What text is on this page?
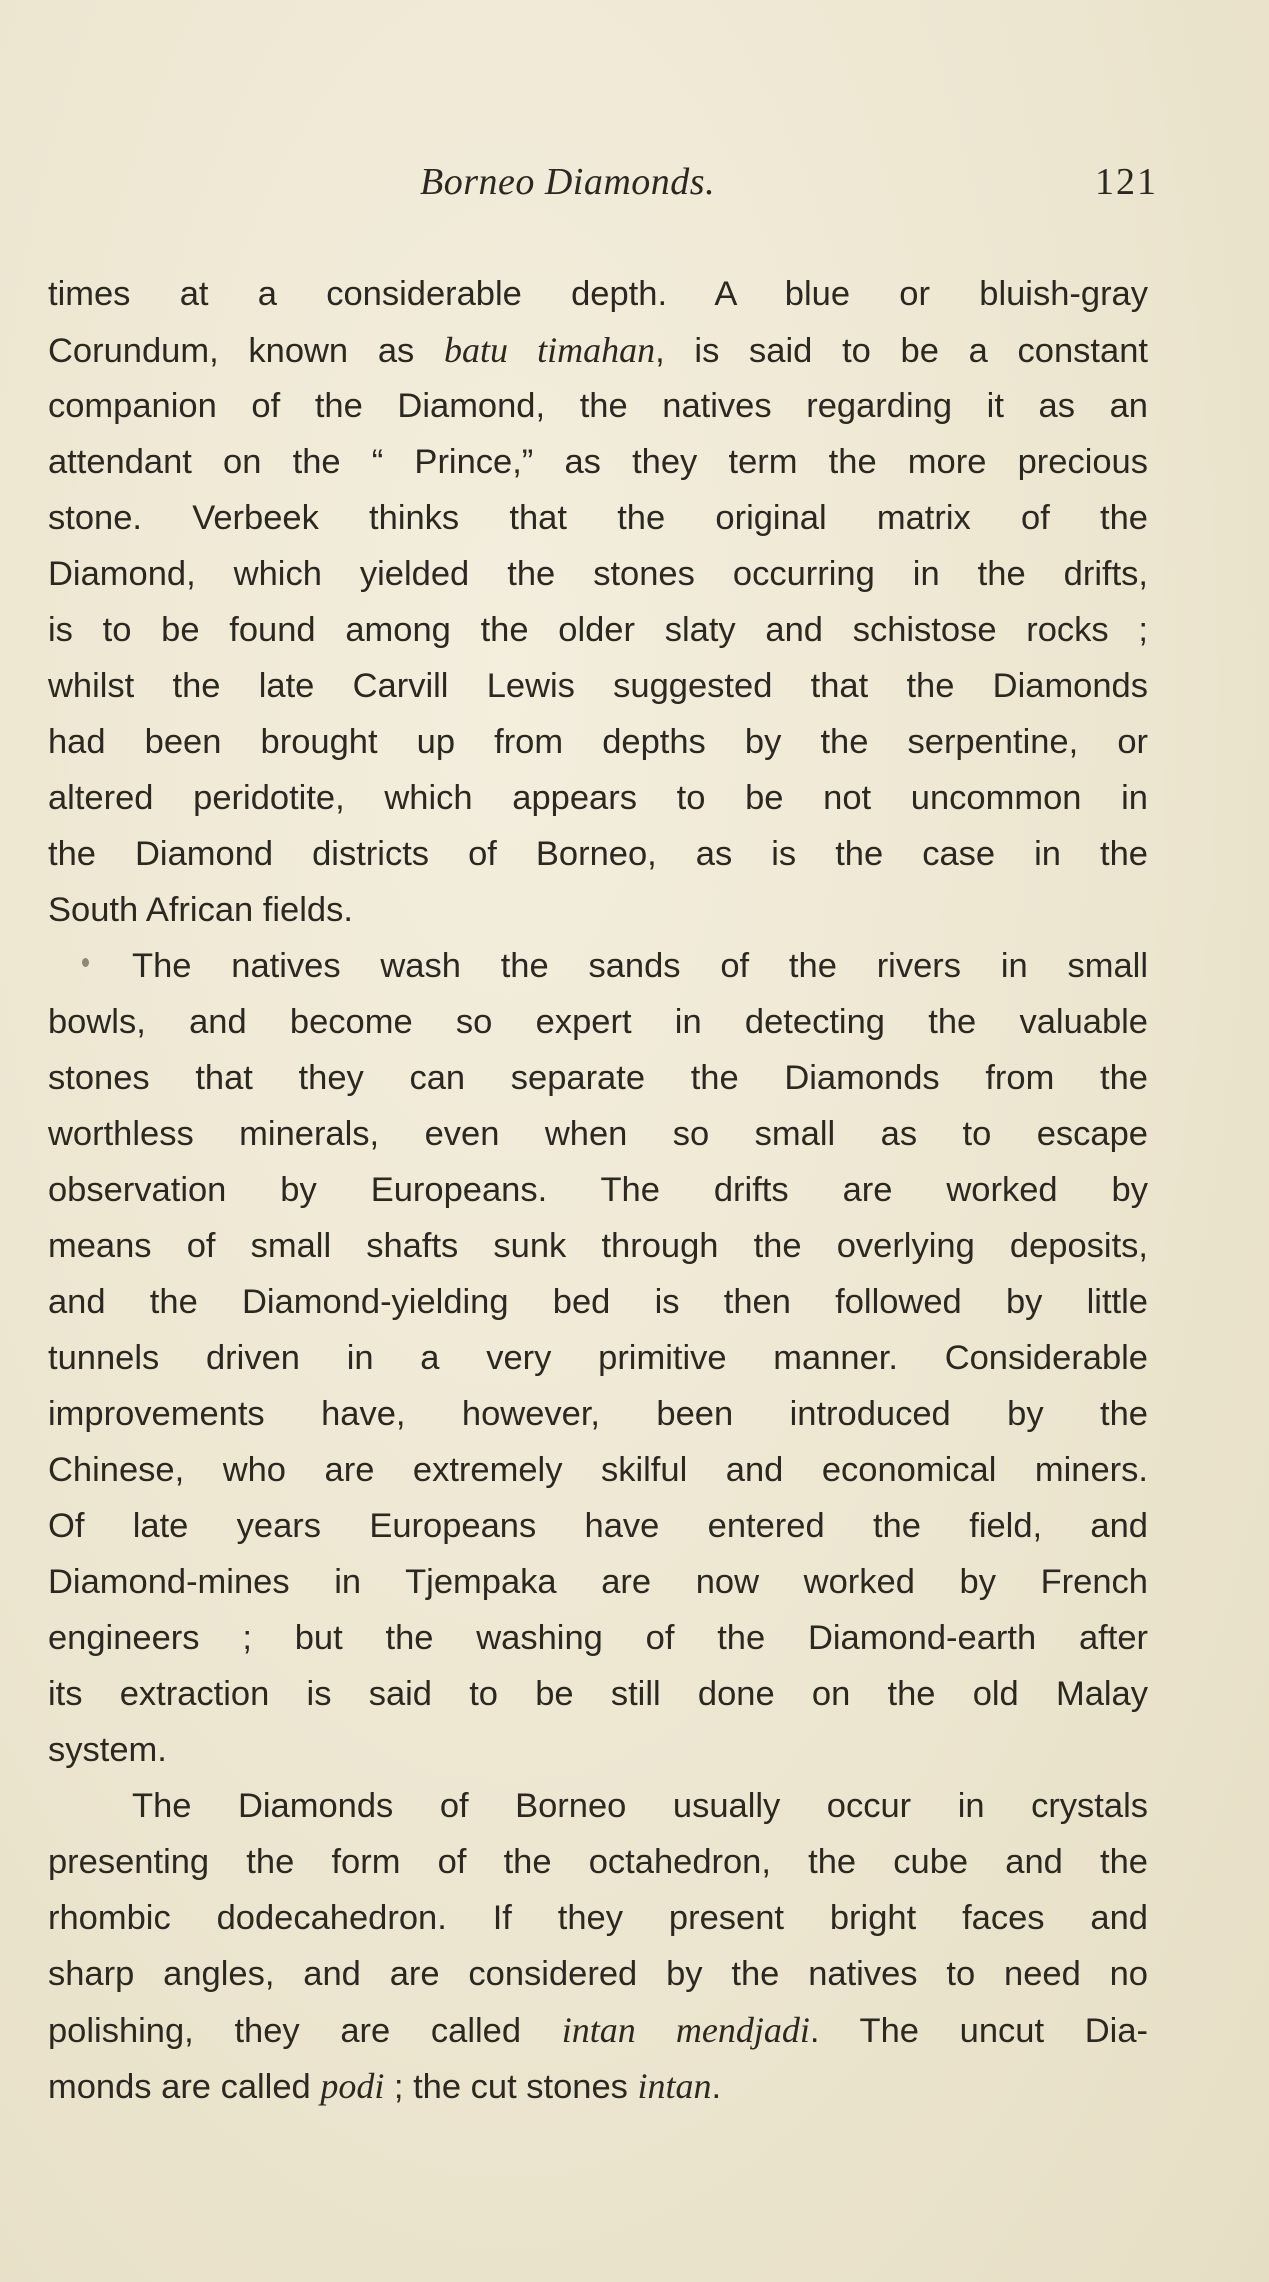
Borneo Diamonds.	121
times at a considerable depth. A blue or bluish-gray
Corundum, known as batu timahan, is said to be a constant
companion of the Diamond, the natives regarding it as an
attendant on the “ Prince,” as they term the more precious
stone. Verbeek thinks that the original matrix of the
Diamond, which yielded the stones occurring in the drifts,
is to be found among the older slaty and schistose rocks ;
whilst the late Carvill Lewis suggested that the Diamonds
had been brought up from depths by the serpentine, or
altered peridotite, which appears to be not uncommon in
the Diamond districts of Borneo, as is the case in the
South African fields.
The natives wash the sands of the rivers in small
bowls, and become so expert in detecting the valuable
stones that they can separate the Diamonds from the
worthless minerals, even when so small as to escape
observation by Europeans. The drifts are worked by
means of small shafts sunk through the overlying deposits,
and the Diamond-yielding bed is then followed by little
tunnels driven in a very primitive manner. Considerable
improvements have, however, been introduced by the
Chinese, who are extremely skilful and economical miners.
Of late years Europeans have entered the field, and
Diamond-mines in Tjempaka are now worked by French
engineers ; but the washing of the Diamond-earth after
its extraction is said to be still done on the old Malay
system.
The Diamonds of Borneo usually occur in crystals
presenting the form of the octahedron, the cube and the
rhombic dodecahedron. If they present bright faces and
sharp angles, and are considered by the natives to need no
polishing, they are called intan mendjadi. The uncut Dia-
monds are called podi ; the cut stones intan.
